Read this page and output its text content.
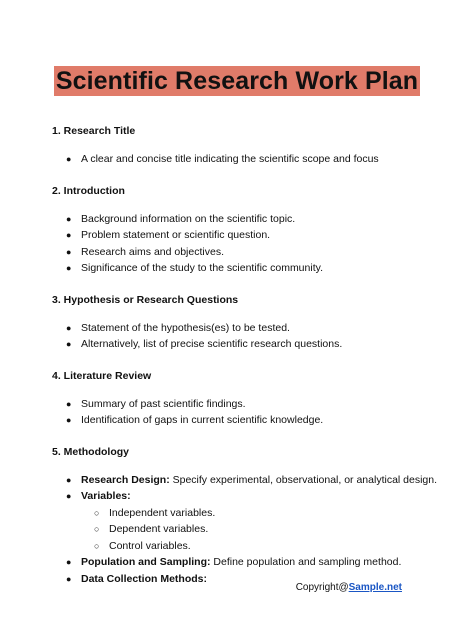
Scientific Research Work Plan
1. Research Title
● A clear and concise title indicating the scientific scope and focus
2. Introduction
● Background information on the scientific topic.
● Problem statement or scientific question.
● Research aims and objectives.
● Significance of the study to the scientific community.
3. Hypothesis or Research Questions
● Statement of the hypothesis(es) to be tested.
● Alternatively, list of precise scientific research questions.
4. Literature Review
● Summary of past scientific findings.
● Identification of gaps in current scientific knowledge.
5. Methodology
● Research Design: Specify experimental, observational, or analytical design.
● Variables:
○ Independent variables.
○ Dependent variables.
○ Control variables.
● Population and Sampling: Define population and sampling method.
● Data Collection Methods:
Copyright@Sample.net
